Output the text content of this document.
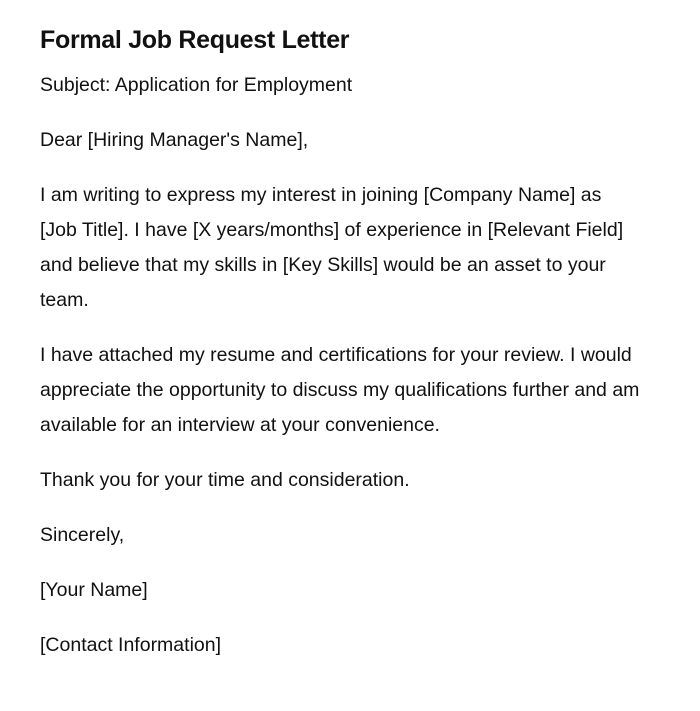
Formal Job Request Letter

Subject: Application for Employment

Dear [Hiring Manager's Name],

I am writing to express my interest in joining [Company Name] as [Job Title]. I have [X years/months] of experience in [Relevant Field] and believe that my skills in [Key Skills] would be an asset to your team.

I have attached my resume and certifications for your review. I would appreciate the opportunity to discuss my qualifications further and am available for an interview at your convenience.

Thank you for your time and consideration.

Sincerely,

[Your Name]

[Contact Information]
